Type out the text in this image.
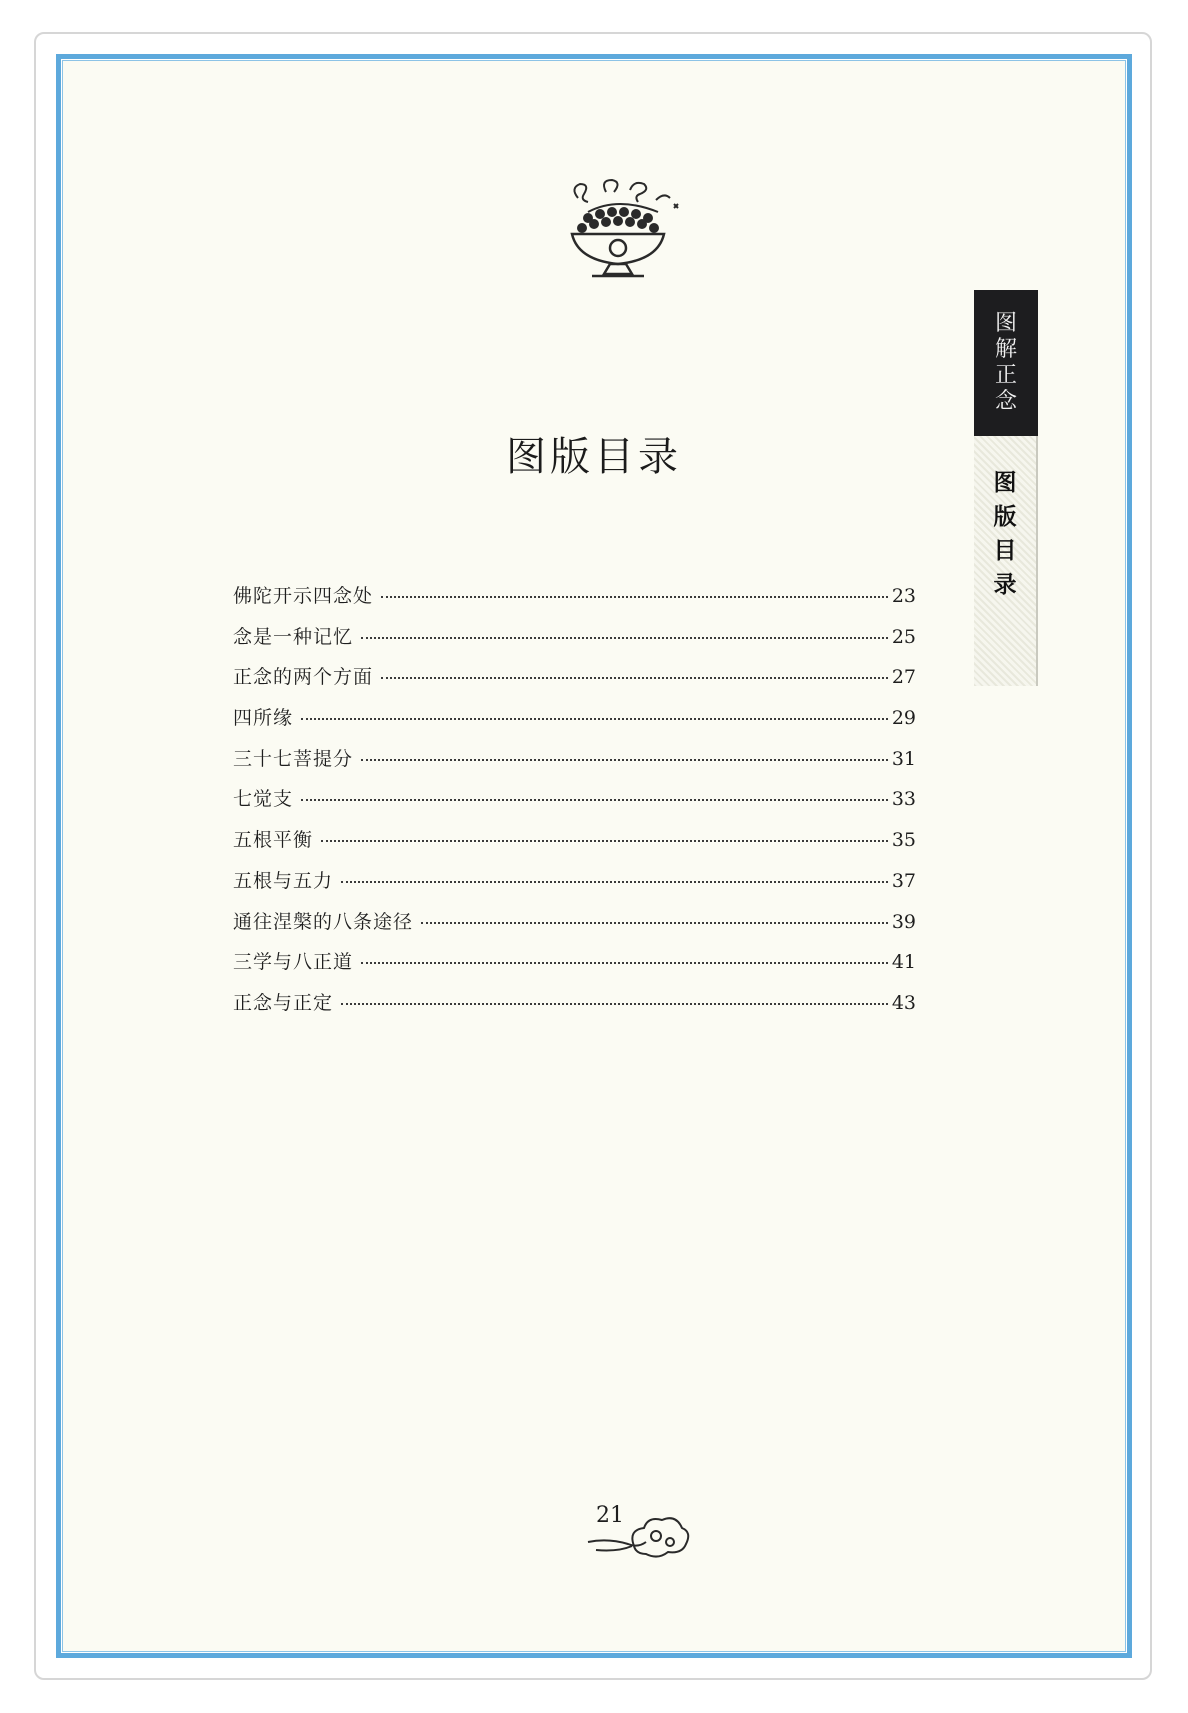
图版目录
佛陀开示四念处	23
念是一种记忆	25
正念的两个方面	27
四所缘	29
三十七菩提分	31
七觉支	33
五根平衡	35
五根与五力	37
通往涅槃的八条途径	39
三学与八正道	41
正念与正定	43
图
解
正
念
图
版
目
录
21
